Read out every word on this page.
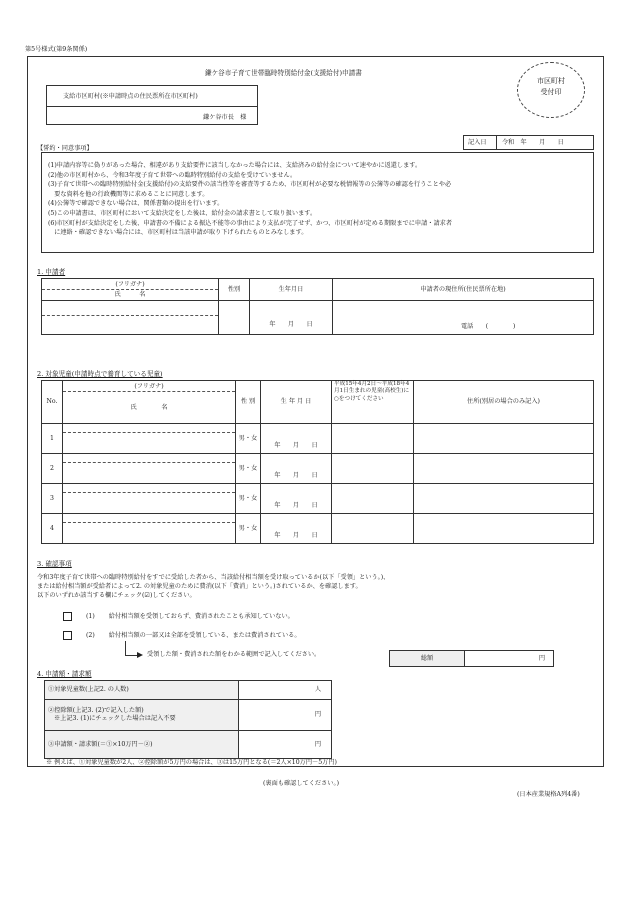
第5号様式(第9条関係)
鎌ケ谷市子育て世帯臨時特別給付金(支援給付)申請書
市区町村
受付印
支給市区町村(※申請時点の住民票所在市区町村)
鎌ケ谷市長　様
記入日 令和　年　　月　　日
【誓約・同意事項】
(1)申請内容等に偽りがあった場合、相違があり支給要件に該当しなかった場合には、支給済みの給付金について速やかに返還します。
(2)他の市区町村から、令和3年度子育て世帯への臨時特別給付の支給を受けていません。
(3)子育て世帯への臨時特別給付金(支援給付)の支給要件の該当性等を審査等するため、市区町村が必要な税情報等の公簿等の確認を行うことや必
　要な資料を他の行政機関等に求めることに同意します。
(4)公簿等で確認できない場合は、関係書類の提出を行います。
(5)この申請書は、市区町村において支給決定をした後は、給付金の請求書として取り扱います。
(6)市区町村が支給決定をした後、申請書の不備による振込不能等の事由により支払が完了せず、かつ、市区町村が定める期限までに申請・請求者
　に連絡・確認できない場合には、市区町村は当該申請が取り下げられたものとみなします。
1. 申請者
(フリガナ)
氏　　　名	性別	生年月日	申請者の現住所(住民票所在地)

		年　　月　　日	電話　　(　　　　)
2. 対象児童(申請時点で養育している児童)
No.	(フリガナ)
氏　　　　名	性 別	生 年 月 日	平成15年4月2日～平成18年4月1日生まれの児童(高校生)に○をつけてください	住所(別居の場合のみ記入)
1		男・女	年　　月　　日		
2		男・女	年　　月　　日		
3		男・女	年　　月　　日		
4		男・女	年　　月　　日		
3. 確認事項
令和3年度子育て世帯への臨時特別給付をすでに受給した者から、当該給付相当額を受け取っているか(以下「受領」という。)、
または給付相当額が受給者によって2. の対象児童のために費消(以下「費消」という。)されているか、を確認します。
以下のいずれか該当する欄にチェック(☑)してください。
(1) 給付相当額を受領しておらず、費消されたことも承知していない。
(2) 給付相当額の一部又は全部を受領している、または費消されている。
受領した額・費消された額をわかる範囲で記入してください。
総額	円
4. 申請額・請求額
①対象児童数(上記2. の人数)	人

②控除額(上記3. (2)で記入した額)
※上記3. (1)にチェックした場合は記入不要	円
③申請額・請求額(＝①×10万円－②)	円
※ 例えば、①対象児童数が2人、②控除額が5万円の場合は、③は15万円となる(＝2人×10万円－5万円)
(裏面も確認してください。)
(日本産業規格A列4番)
